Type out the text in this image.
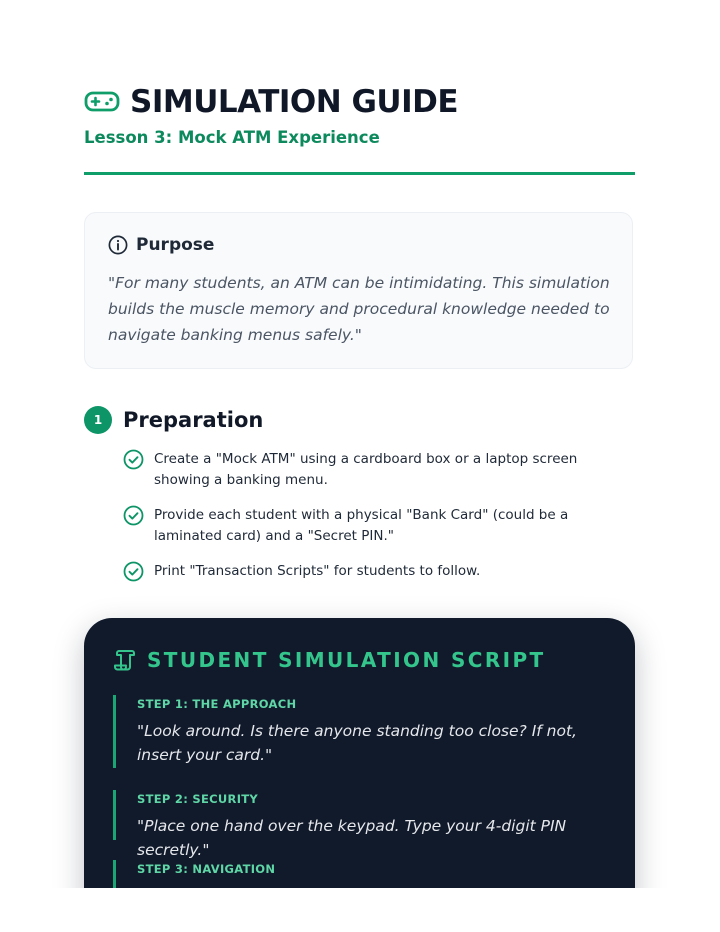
SIMULATION GUIDE
Lesson 3: Mock ATM Experience
Purpose
"For many students, an ATM can be intimidating. This simulation builds the muscle memory and procedural knowledge needed to navigate banking menus safely."
1 Preparation
Create a "Mock ATM" using a cardboard box or a laptop screen showing a banking menu.
Provide each student with a physical "Bank Card" (could be a laminated card) and a "Secret PIN."
Print "Transaction Scripts" for students to follow.
STUDENT SIMULATION SCRIPT
STEP 1: THE APPROACH
"Look around. Is there anyone standing too close? If not, insert your card."
STEP 2: SECURITY
"Place one hand over the keypad. Type your 4-digit PIN secretly."
STEP 3: NAVIGATION
